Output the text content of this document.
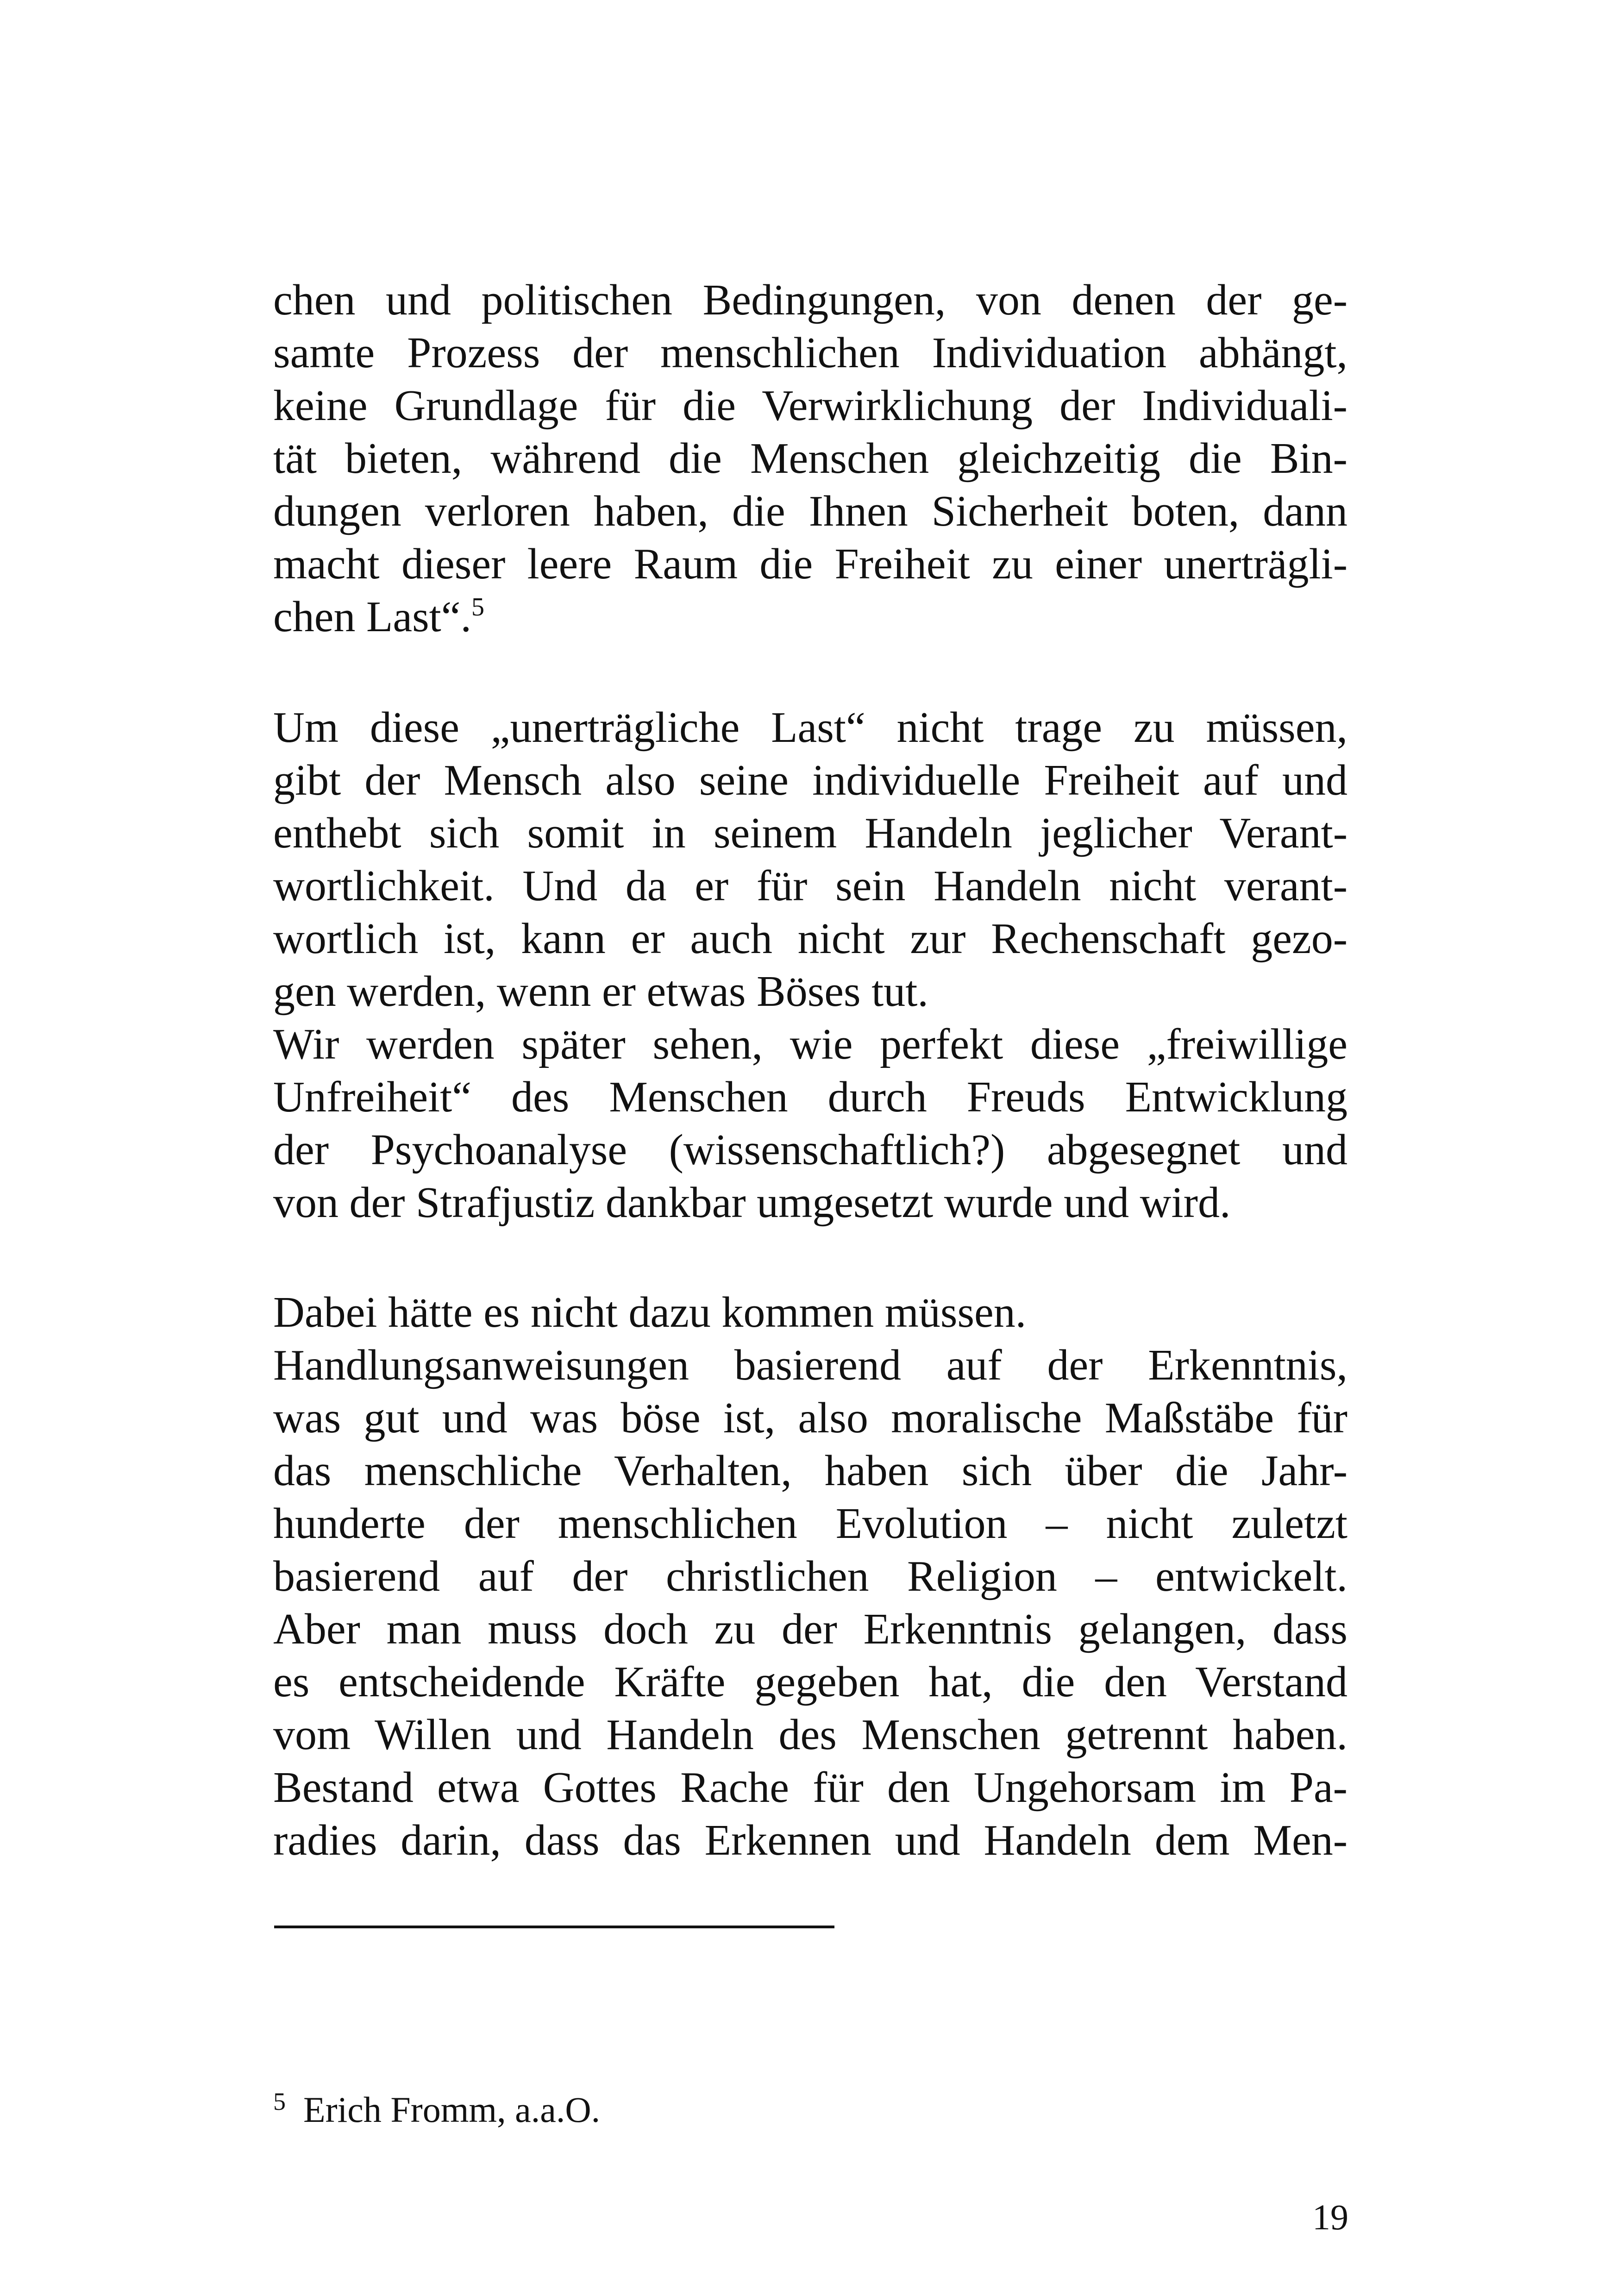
chen und politischen Bedingungen, von denen der ge-
samte Prozess der menschlichen Individuation abhängt,
keine Grundlage für die Verwirklichung der Individuali-
tät bieten, während die Menschen gleichzeitig die Bin-
dungen verloren haben, die Ihnen Sicherheit boten, dann
macht dieser leere Raum die Freiheit zu einer unerträgli-
chen Last“.$^5$
Um diese „unerträgliche Last“ nicht trage zu müssen,
gibt der Mensch also seine individuelle Freiheit auf und
enthebt sich somit in seinem Handeln jeglicher Verant-
wortlichkeit. Und da er für sein Handeln nicht verant-
wortlich ist, kann er auch nicht zur Rechenschaft gezo-
gen werden, wenn er etwas Böses tut.
Wir werden später sehen, wie perfekt diese „freiwillige
Unfreiheit“ des Menschen durch Freuds Entwicklung
der Psychoanalyse (wissenschaftlich?) abgesegnet und
von der Strafjustiz dankbar umgesetzt wurde und wird.
Dabei hätte es nicht dazu kommen müssen.
Handlungsanweisungen basierend auf der Erkenntnis,
was gut und was böse ist, also moralische Maßstäbe für
das menschliche Verhalten, haben sich über die Jahr-
hunderte der menschlichen Evolution – nicht zuletzt
basierend auf der christlichen Religion – entwickelt.
Aber man muss doch zu der Erkenntnis gelangen, dass
es entscheidende Kräfte gegeben hat, die den Verstand
vom Willen und Handeln des Menschen getrennt haben.
Bestand etwa Gottes Rache für den Ungehorsam im Pa-
radies darin, dass das Erkennen und Handeln dem Men-
$^5$ Erich Fromm, a.a.O.
19
